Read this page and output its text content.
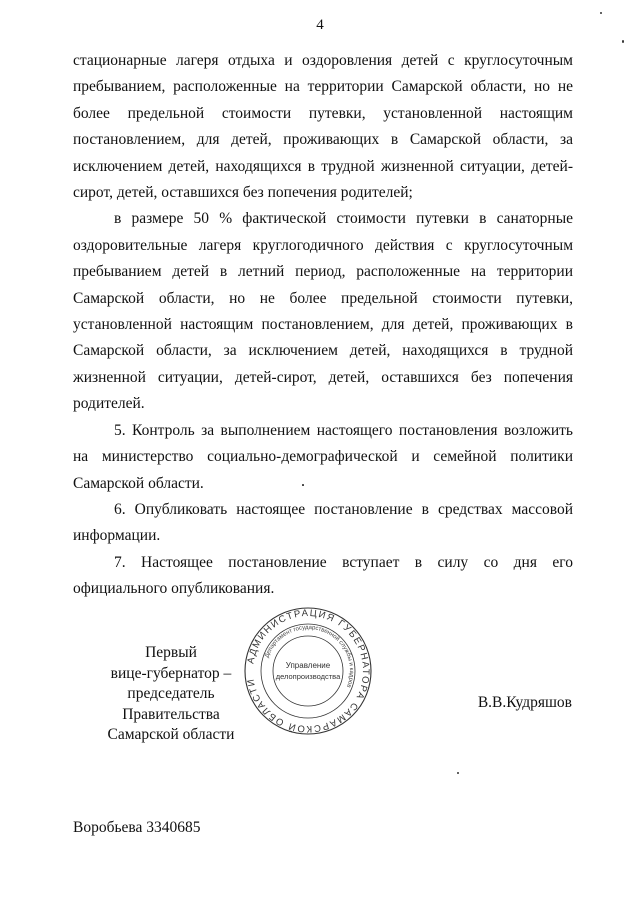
4

стационарные лагеря отдыха и оздоровления детей с круглосуточным пребыванием, расположенные на территории Самарской области, но не более предельной стоимости путевки, установленной настоящим постановлением, для детей, проживающих в Самарской области, за исключением детей, находящихся в трудной жизненной ситуации, детей-сирот, детей, оставшихся без попечения родителей;

в размере 50 % фактической стоимости путевки в санаторные оздоровительные лагеря круглогодичного действия с круглосуточным пребыванием детей в летний период, расположенные на территории Самарской области, но не более предельной стоимости путевки, установленной настоящим постановлением, для детей, проживающих в Самарской области, за исключением детей, находящихся в трудной жизненной ситуации, детей-сирот, детей, оставшихся без попечения родителей.

5. Контроль за выполнением настоящего постановления возложить на министерство социально-демографической и семейной политики Самарской области.

6. Опубликовать настоящее постановление в средствах массовой информации.

7. Настоящее постановление вступает в силу со дня его официального опубликования.

Первый
вице-губернатор –
председатель Правительства
Самарской области
АДМИНИСТРАЦИЯ ГУБЕРНАТОРА САМАРСКОЙ ОБЛАСТИ
Департамент государственной службы и кадров
Управление
делопроизводства
В.В.Кудряшов
Воробьева 3340685
